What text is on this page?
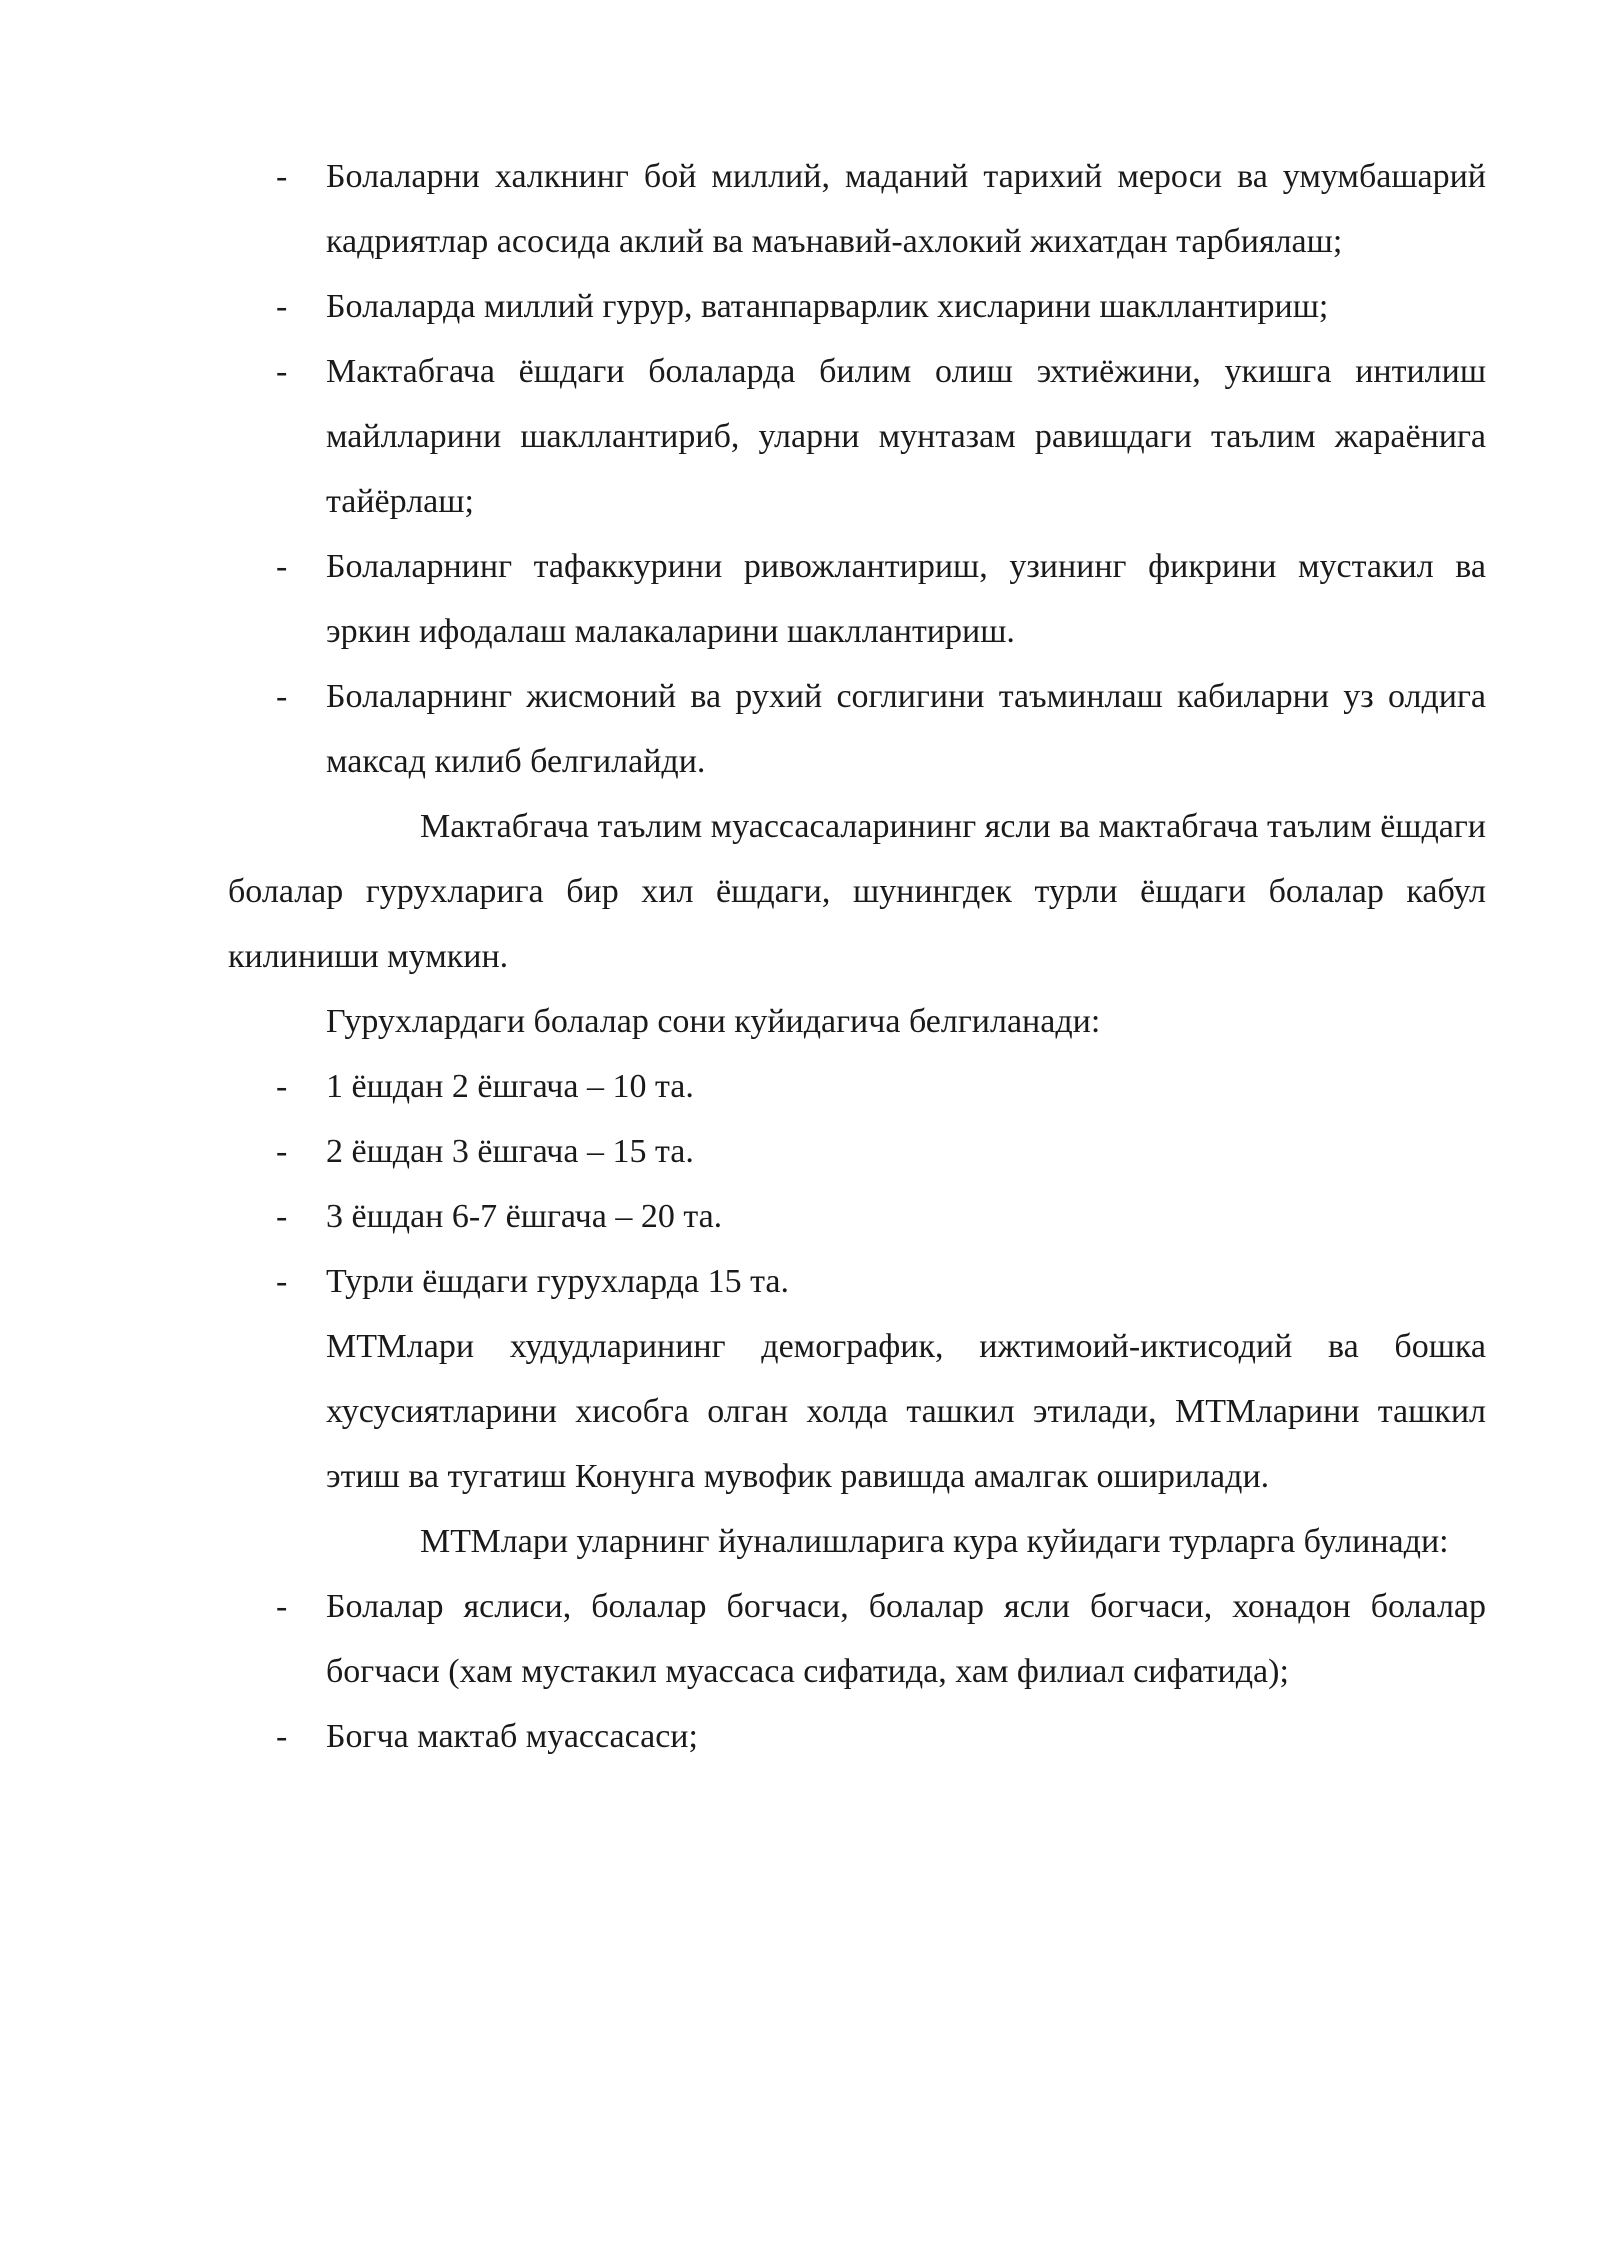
- Болаларни халкнинг бой миллий, маданий тарихий мероси ва умумбашарий кадриятлар асосида аклий ва маънавий-ахлокий жихатдан тарбиялаш;
- Болаларда миллий гурур, ватанпарварлик хисларини шакллантириш;
- Мактабгача ёшдаги болаларда билим олиш эхтиёжини, укишга интилиш майлларини шакллантириб, уларни мунтазам равишдаги таълим жараёнига тайёрлаш;
- Болаларнинг тафаккурини ривожлантириш, узининг фикрини мустакил ва эркин ифодалаш малакаларини шакллантириш.
- Болаларнинг жисмоний ва рухий соглигини таъминлаш кабиларни уз олдига максад килиб белгилайди.
Мактабгача таълим муассасаларининг ясли ва мактабгача таълим ёшдаги болалар гурухларига бир хил ёшдаги, шунингдек турли ёшдаги болалар кабул килиниши мумкин.
Гурухлардаги болалар сони куйидагича белгиланади:
- 1 ёшдан 2 ёшгача – 10 та.
- 2 ёшдан 3 ёшгача – 15 та.
- 3 ёшдан 6-7 ёшгача – 20 та.
- Турли ёшдаги гурухларда 15 та.
МТМлари худудларининг демографик, ижтимоий-иктисодий ва бошка хусусиятларини хисобга олган холда ташкил этилади, МТМларини ташкил этиш ва тугатиш Конунга мувофик равишда амалгак оширилади.
МТМлари уларнинг йуналишларига кура куйидаги турларга булинади:
- Болалар яслиси, болалар богчаси, болалар ясли богчаси, хонадон болалар богчаси (хам мустакил муассаса сифатида, хам филиал сифатида);
- Богча мактаб муассасаси;
